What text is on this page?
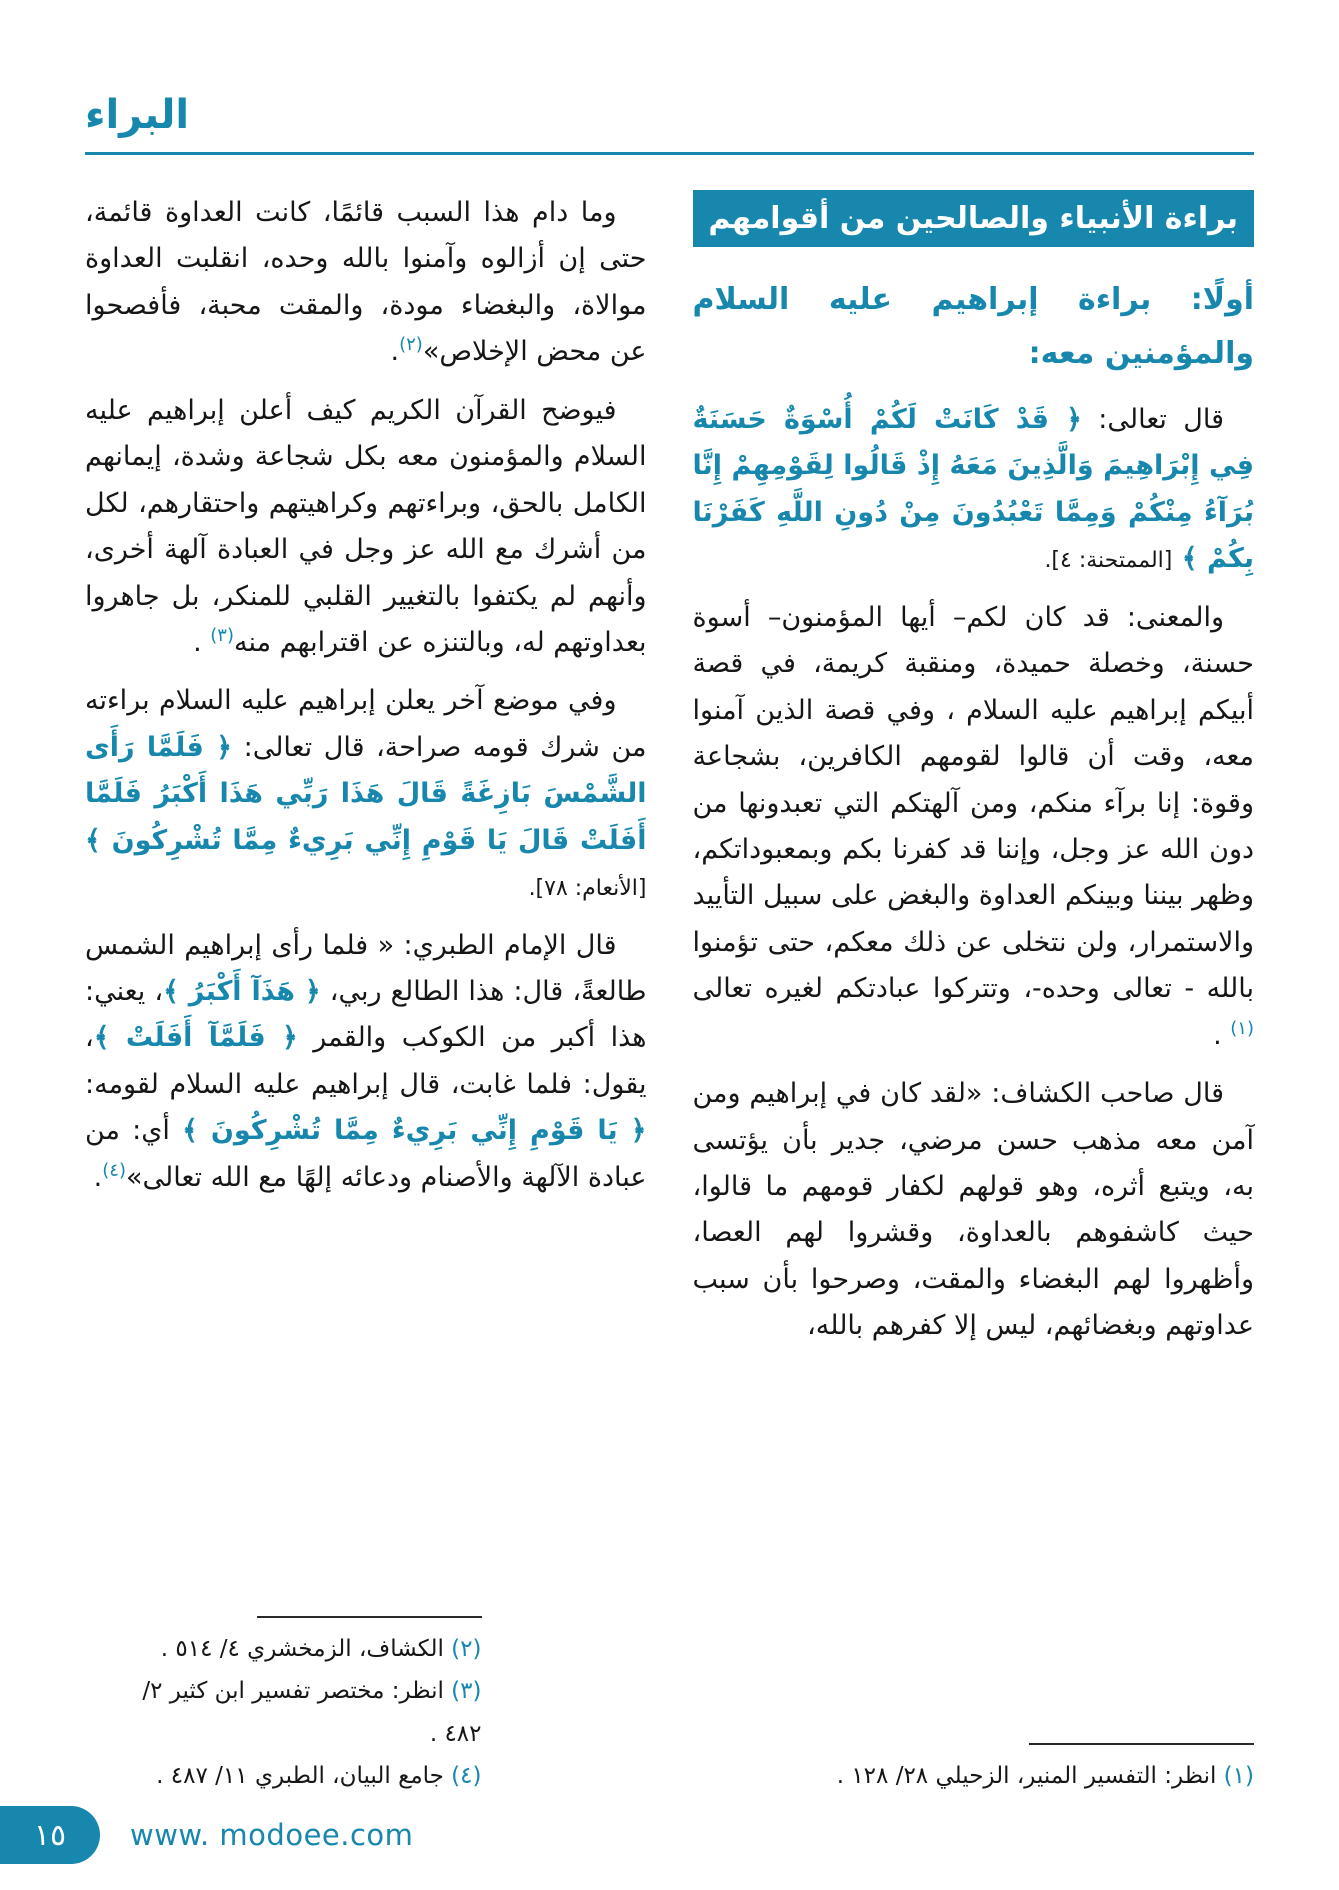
البراء
براءة الأنبياء والصالحين من أقوامهم

أولًا: براءة إبراهيم عليه السلام والمؤمنين معه:

قال تعالى: ﴿ قَدْ كَانَتْ لَكُمْ أُسْوَةٌ حَسَنَةٌ فِي إِبْرَاهِيمَ وَالَّذِينَ مَعَهُ إِذْ قَالُوا لِقَوْمِهِمْ إِنَّا بُرَآءُ مِنْكُمْ وَمِمَّا تَعْبُدُونَ مِنْ دُونِ اللَّهِ كَفَرْنَا بِكُمْ ﴾ [الممتحنة: ٤].

والمعنى: قد كان لكم– أيها المؤمنون– أسوة حسنة، وخصلة حميدة، ومنقبة كريمة، في قصة أبيكم إبراهيم عليه السلام ، وفي قصة الذين آمنوا معه، وقت أن قالوا لقومهم الكافرين، بشجاعة وقوة: إنا برآء منكم، ومن آلهتكم التي تعبدونها من دون الله عز وجل، وإننا قد كفرنا بكم وبمعبوداتكم، وظهر بيننا وبينكم العداوة والبغض على سبيل التأييد والاستمرار، ولن نتخلى عن ذلك معكم، حتى تؤمنوا بالله - تعالى وحده-، وتتركوا عبادتكم لغيره تعالى $^{(١)}$ .

قال صاحب الكشاف: «لقد كان في إبراهيم ومن آمن معه مذهب حسن مرضي، جدير بأن يؤتسى به، ويتبع أثره، وهو قولهم لكفار قومهم ما قالوا، حيث كاشفوهم بالعداوة، وقشروا لهم العصا، وأظهروا لهم البغضاء والمقت، وصرحوا بأن سبب عداوتهم وبغضائهم، ليس إلا كفرهم بالله،

(١) انظر: التفسير المنير، الزحيلي ٢٨/ ١٢٨ .

وما دام هذا السبب قائمًا، كانت العداوة قائمة، حتى إن أزالوه وآمنوا بالله وحده، انقلبت العداوة موالاة، والبغضاء مودة، والمقت محبة، فأفصحوا عن محض الإخلاص»$^{(٢)}$.

فيوضح القرآن الكريم كيف أعلن إبراهيم عليه السلام والمؤمنون معه بكل شجاعة وشدة، إيمانهم الكامل بالحق، وبراءتهم وكراهيتهم واحتقارهم، لكل من أشرك مع الله عز وجل في العبادة آلهة أخرى، وأنهم لم يكتفوا بالتغيير القلبي للمنكر، بل جاهروا بعداوتهم له، وبالتنزه عن اقترابهم منه$^{(٣)}$ .

وفي موضع آخر يعلن إبراهيم عليه السلام براءته من شرك قومه صراحة، قال تعالى: ﴿ فَلَمَّا رَأَى الشَّمْسَ بَازِغَةً قَالَ هَذَا رَبِّي هَذَا أَكْبَرُ فَلَمَّا أَفَلَتْ قَالَ يَا قَوْمِ إِنِّي بَرِيءٌ مِمَّا تُشْرِكُونَ ﴾ [الأنعام: ٧٨].

قال الإمام الطبري: « فلما رأى إبراهيم الشمس طالعةً، قال: هذا الطالع ربي، ﴿ هَذَآ أَكْبَرُ ﴾، يعني: هذا أكبر من الكوكب والقمر ﴿ فَلَمَّآ أَفَلَتْ ﴾، يقول: فلما غابت، قال إبراهيم عليه السلام لقومه: ﴿ يَا قَوْمِ إِنِّي بَرِيءٌ مِمَّا تُشْرِكُونَ ﴾ أي: من عبادة الآلهة والأصنام ودعائه إلهًا مع الله تعالى»$^{(٤)}$.

(٢) الكشاف، الزمخشري ٤/ ٥١٤ .

(٣) انظر: مختصر تفسير ابن كثير ٢/ ٤٨٢ .

(٤) جامع البيان، الطبري ١١/ ٤٨٧ .

١٥ www. modoee.com
